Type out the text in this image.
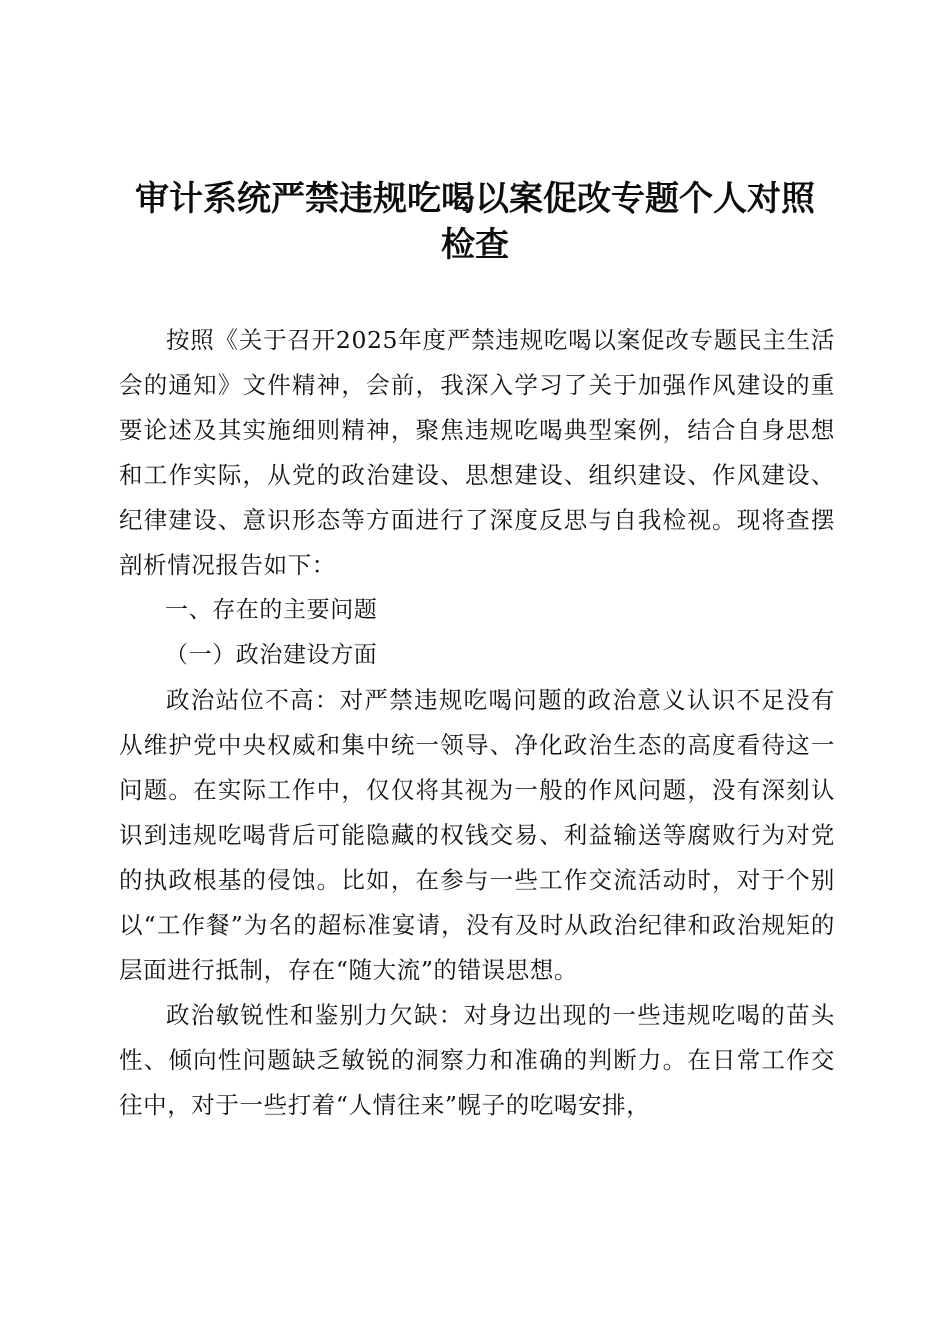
审计系统严禁违规吃喝以案促改专题个人对照
检查

按照《关于召开2025年度严禁违规吃喝以案促改专题民主生活会的通知》文件精神，会前，我深入学习了关于加强作风建设的重要论述及其实施细则精神，聚焦违规吃喝典型案例，结合自身思想和工作实际，从党的政治建设、思想建设、组织建设、作风建设、纪律建设、意识形态等方面进行了深度反思与自我检视。现将查摆剖析情况报告如下：

一、存在的主要问题

（一）政治建设方面

政治站位不高：对严禁违规吃喝问题的政治意义认识不足没有从维护党中央权威和集中统一领导、净化政治生态的高度看待这一问题。在实际工作中，仅仅将其视为一般的作风问题，没有深刻认识到违规吃喝背后可能隐藏的权钱交易、利益输送等腐败行为对党的执政根基的侵蚀。比如，在参与一些工作交流活动时，对于个别以“工作餐”为名的超标准宴请，没有及时从政治纪律和政治规矩的层面进行抵制，存在“随大流”的错误思想。

政治敏锐性和鉴别力欠缺：对身边出现的一些违规吃喝的苗头性、倾向性问题缺乏敏锐的洞察力和准确的判断力。在日常工作交往中，对于一些打着“人情往来”幌子的吃喝安排，
